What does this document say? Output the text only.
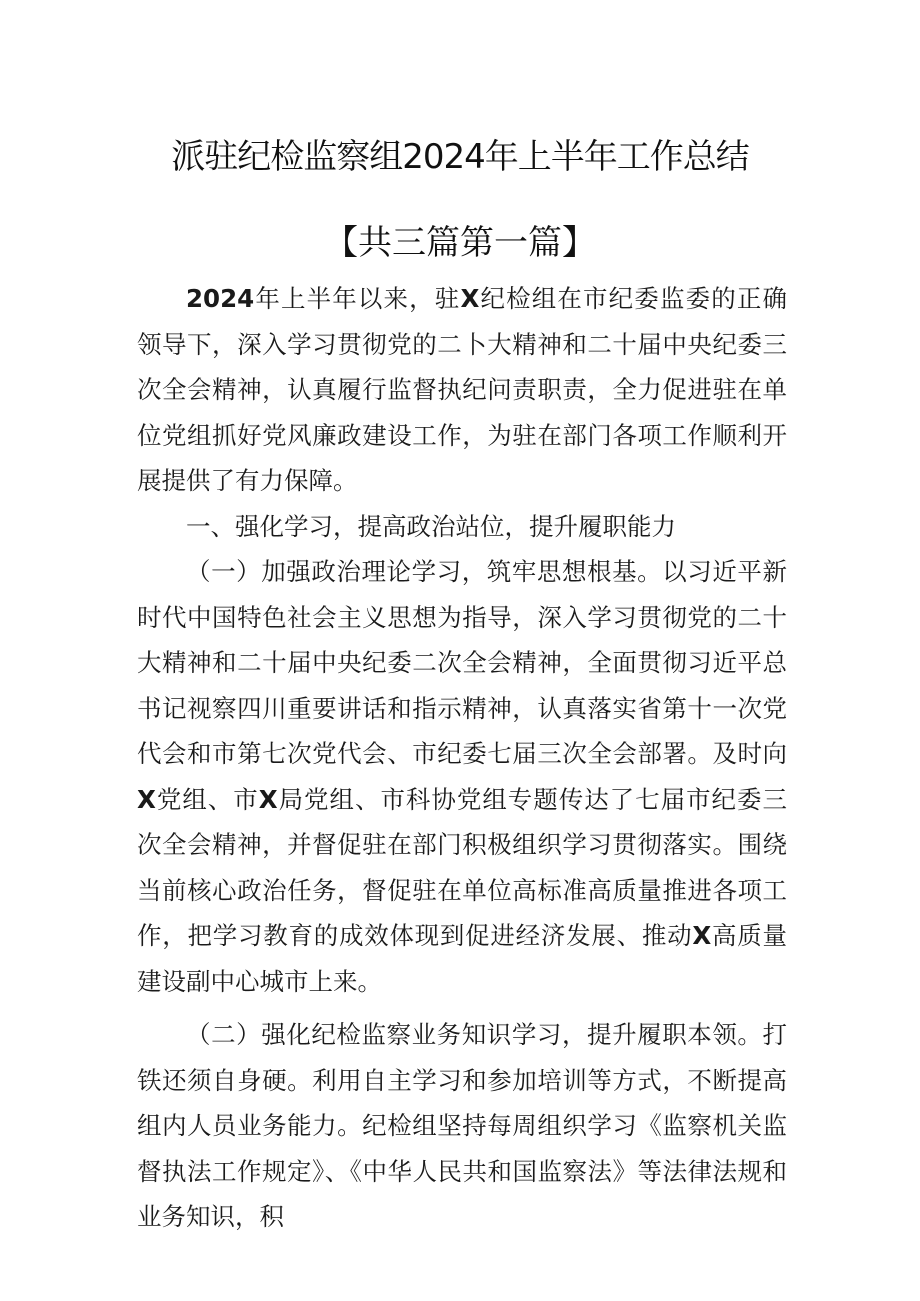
派驻纪检监察组2024年上半年工作总结
【共三篇第一篇】

2024年上半年以来，驻X纪检组在市纪委监委的正确领导下，深入学习贯彻党的二卜大精神和二十届中央纪委三次全会精神，认真履行监督执纪问责职责，全力促进驻在单位党组抓好党风廉政建设工作，为驻在部门各项工作顺利开展提供了有力保障。

一、强化学习，提高政治站位，提升履职能力

（一）加强政治理论学习，筑牢思想根基。以习近平新时代中国特色社会主义思想为指导，深入学习贯彻党的二十大精神和二十届中央纪委二次全会精神，全面贯彻习近平总书记视察四川重要讲话和指示精神，认真落实省第十一次党代会和市第七次党代会、市纪委七届三次全会部署。及时向X党组、市X局党组、市科协党组专题传达了七届市纪委三次全会精神，并督促驻在部门积极组织学习贯彻落实。围绕当前核心政治任务，督促驻在单位高标准高质量推进各项工作，把学习教育的成效体现到促进经济发展、推动X高质量建设副中心城市上来。

（二）强化纪检监察业务知识学习，提升履职本领。打铁还须自身硬。利用自主学习和参加培训等方式，不断提高组内人员业务能力。纪检组坚持每周组织学习《监察机关监督执法工作规定》、《中华人民共和国监察法》等法律法规和业务知识，积
